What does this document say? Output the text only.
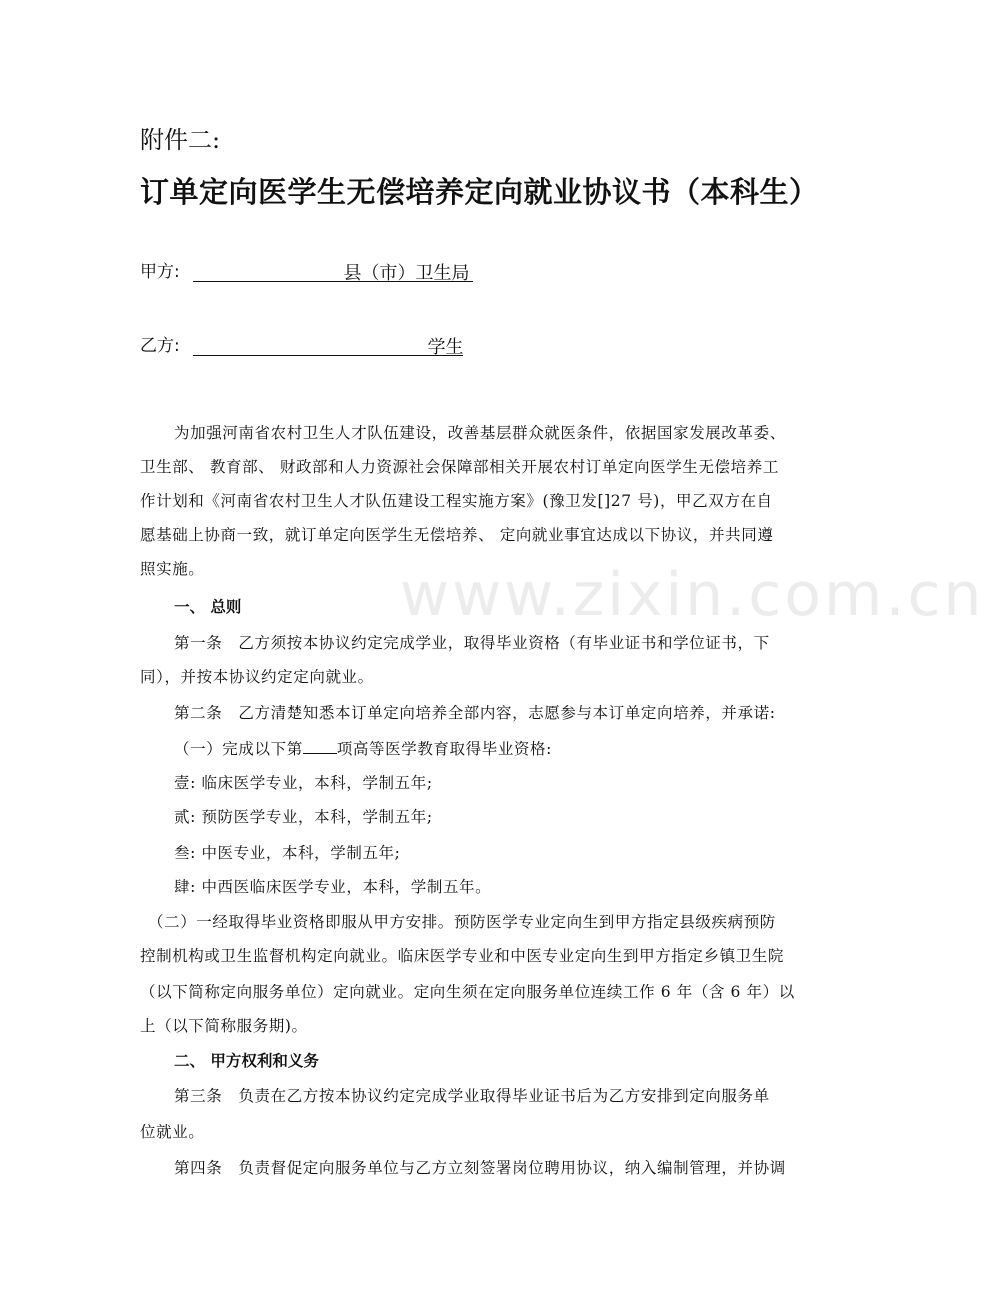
www.zixin.com.cn
附件二:
订单定向医学生无偿培养定向就业协议书（本科生）
甲方:	县（市）卫生局
乙方:	学生
为加强河南省农村卫生人才队伍建设，改善基层群众就医条件，依据国家发展改革委、
卫生部、 教育部、 财政部和人力资源社会保障部相关开展农村订单定向医学生无偿培养工
作计划和《河南省农村卫生人才队伍建设工程实施方案》(豫卫发[]27 号)，甲乙双方在自
愿基础上协商一致，就订单定向医学生无偿培养、 定向就业事宜达成以下协议，并共同遵
照实施。
一、 总则
第一条　乙方须按本协议约定完成学业，取得毕业资格（有毕业证书和学位证书，下
同），并按本协议约定定向就业。
第二条　乙方清楚知悉本订单定向培养全部内容，志愿参与本订单定向培养，并承诺:
（一）完成以下第 项高等医学教育取得毕业资格:
壹: 临床医学专业，本科，学制五年;
贰: 预防医学专业，本科，学制五年;
叁: 中医专业，本科，学制五年;
肆: 中西医临床医学专业，本科，学制五年。
（二）一经取得毕业资格即服从甲方安排。预防医学专业定向生到甲方指定县级疾病预防
控制机构或卫生监督机构定向就业。临床医学专业和中医专业定向生到甲方指定乡镇卫生院
（以下简称定向服务单位）定向就业。定向生须在定向服务单位连续工作 6 年（含 6 年）以
上（以下简称服务期)。
二、 甲方权利和义务
第三条　负责在乙方按本协议约定完成学业取得毕业证书后为乙方安排到定向服务单
位就业。
第四条　负责督促定向服务单位与乙方立刻签署岗位聘用协议，纳入编制管理，并协调
